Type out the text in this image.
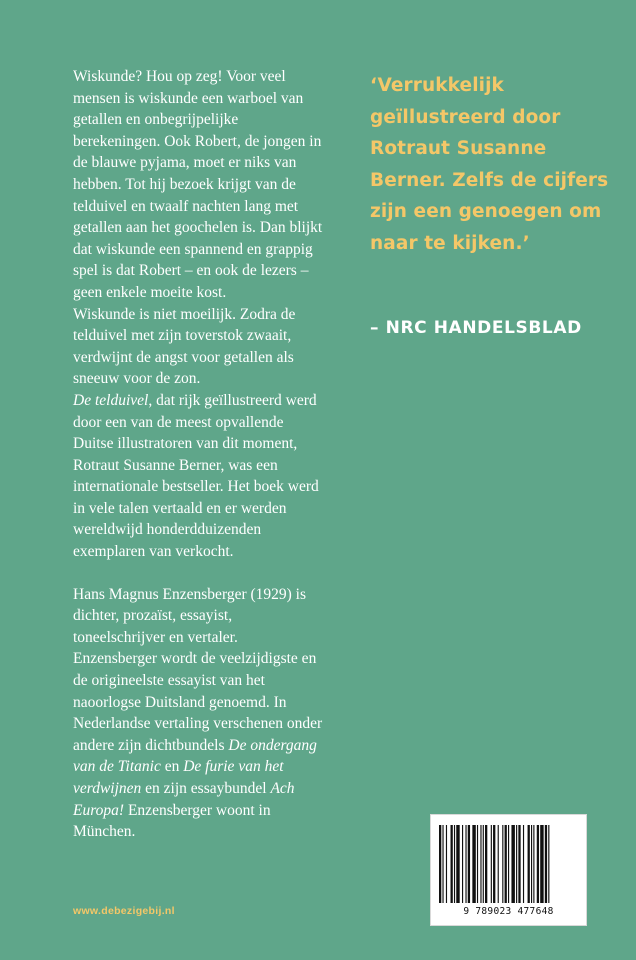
Wiskunde? Hou op zeg! Voor veel mensen is wiskunde een warboel van getallen en onbegrijpelijke berekeningen. Ook Robert, de jongen in de blauwe pyjama, moet er niks van hebben. Tot hij bezoek krijgt van de telduivel en twaalf nachten lang met getallen aan het goochelen is. Dan blijkt dat wiskunde een spannend en grappig spel is dat Robert – en ook de lezers – geen enkele moeite kost.

Wiskunde is niet moeilijk. Zodra de telduivel met zijn toverstok zwaait, verdwijnt de angst voor getallen als sneeuw voor de zon.

De telduivel, dat rijk geïllustreerd werd door een van de meest opvallende Duitse illustratoren van dit moment, Rotraut Susanne Berner, was een internationale bestseller. Het boek werd in vele talen vertaald en er werden wereldwijd honderdduizenden exemplaren van verkocht.

Hans Magnus Enzensberger (1929) is dichter, prozaïst, essayist, toneelschrijver en vertaler. Enzensberger wordt de veelzijdigste en de origineelste essayist van het naoorlogse Duitsland genoemd. In Nederlandse vertaling verschenen onder andere zijn dichtbundels De ondergang van de Titanic en De furie van het verdwijnen en zijn essaybundel Ach Europa! Enzensberger woont in München.

‘Verrukkelijk geïllustreerd door Rotraut Susanne Berner. Zelfs de cijfers zijn een genoegen om naar te kijken.’
– NRC HANDELSBLAD
www.debezigebij.nl	9 789023 477648
